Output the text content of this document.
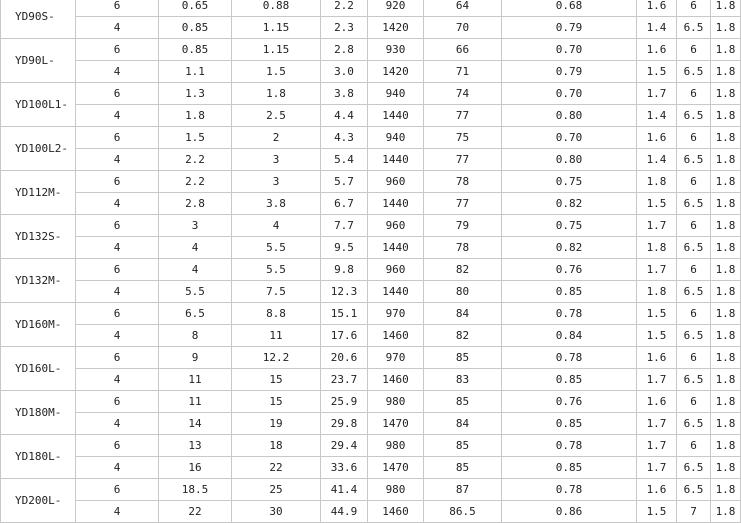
YD90S-	6	0.65	0.88	2.2	920	64	0.68	1.6	6	1.8	
	4	0.85	1.15	2.3	1420	70	0.79	1.4	6.5	1.8	
YD90L-	6	0.85	1.15	2.8	930	66	0.70	1.6	6	1.8	
	4	1.1	1.5	3.0	1420	71	0.79	1.5	6.5	1.8	
YD100L1-	6	1.3	1.8	3.8	940	74	0.70	1.7	6	1.8	
	4	1.8	2.5	4.4	1440	77	0.80	1.4	6.5	1.8	
YD100L2-	6	1.5	2	4.3	940	75	0.70	1.6	6	1.8	
	4	2.2	3	5.4	1440	77	0.80	1.4	6.5	1.8	
YD112M-	6	2.2	3	5.7	960	78	0.75	1.8	6	1.8	
	4	2.8	3.8	6.7	1440	77	0.82	1.5	6.5	1.8	
YD132S-	6	3	4	7.7	960	79	0.75	1.7	6	1.8	
	4	4	5.5	9.5	1440	78	0.82	1.8	6.5	1.8	
YD132M-	6	4	5.5	9.8	960	82	0.76	1.7	6	1.8	
	4	5.5	7.5	12.3	1440	80	0.85	1.8	6.5	1.8	
YD160M-	6	6.5	8.8	15.1	970	84	0.78	1.5	6	1.8	
	4	8	11	17.6	1460	82	0.84	1.5	6.5	1.8	
YD160L-	6	9	12.2	20.6	970	85	0.78	1.6	6	1.8	
	4	11	15	23.7	1460	83	0.85	1.7	6.5	1.8	
YD180M-	6	11	15	25.9	980	85	0.76	1.6	6	1.8	
	4	14	19	29.8	1470	84	0.85	1.7	6.5	1.8	
YD180L-	6	13	18	29.4	980	85	0.78	1.7	6	1.8	
	4	16	22	33.6	1470	85	0.85	1.7	6.5	1.8	
YD200L-	6	18.5	25	41.4	980	87	0.78	1.6	6.5	1.8	
	4	22	30	44.9	1460	86.5	0.86	1.5	7	1.8	
